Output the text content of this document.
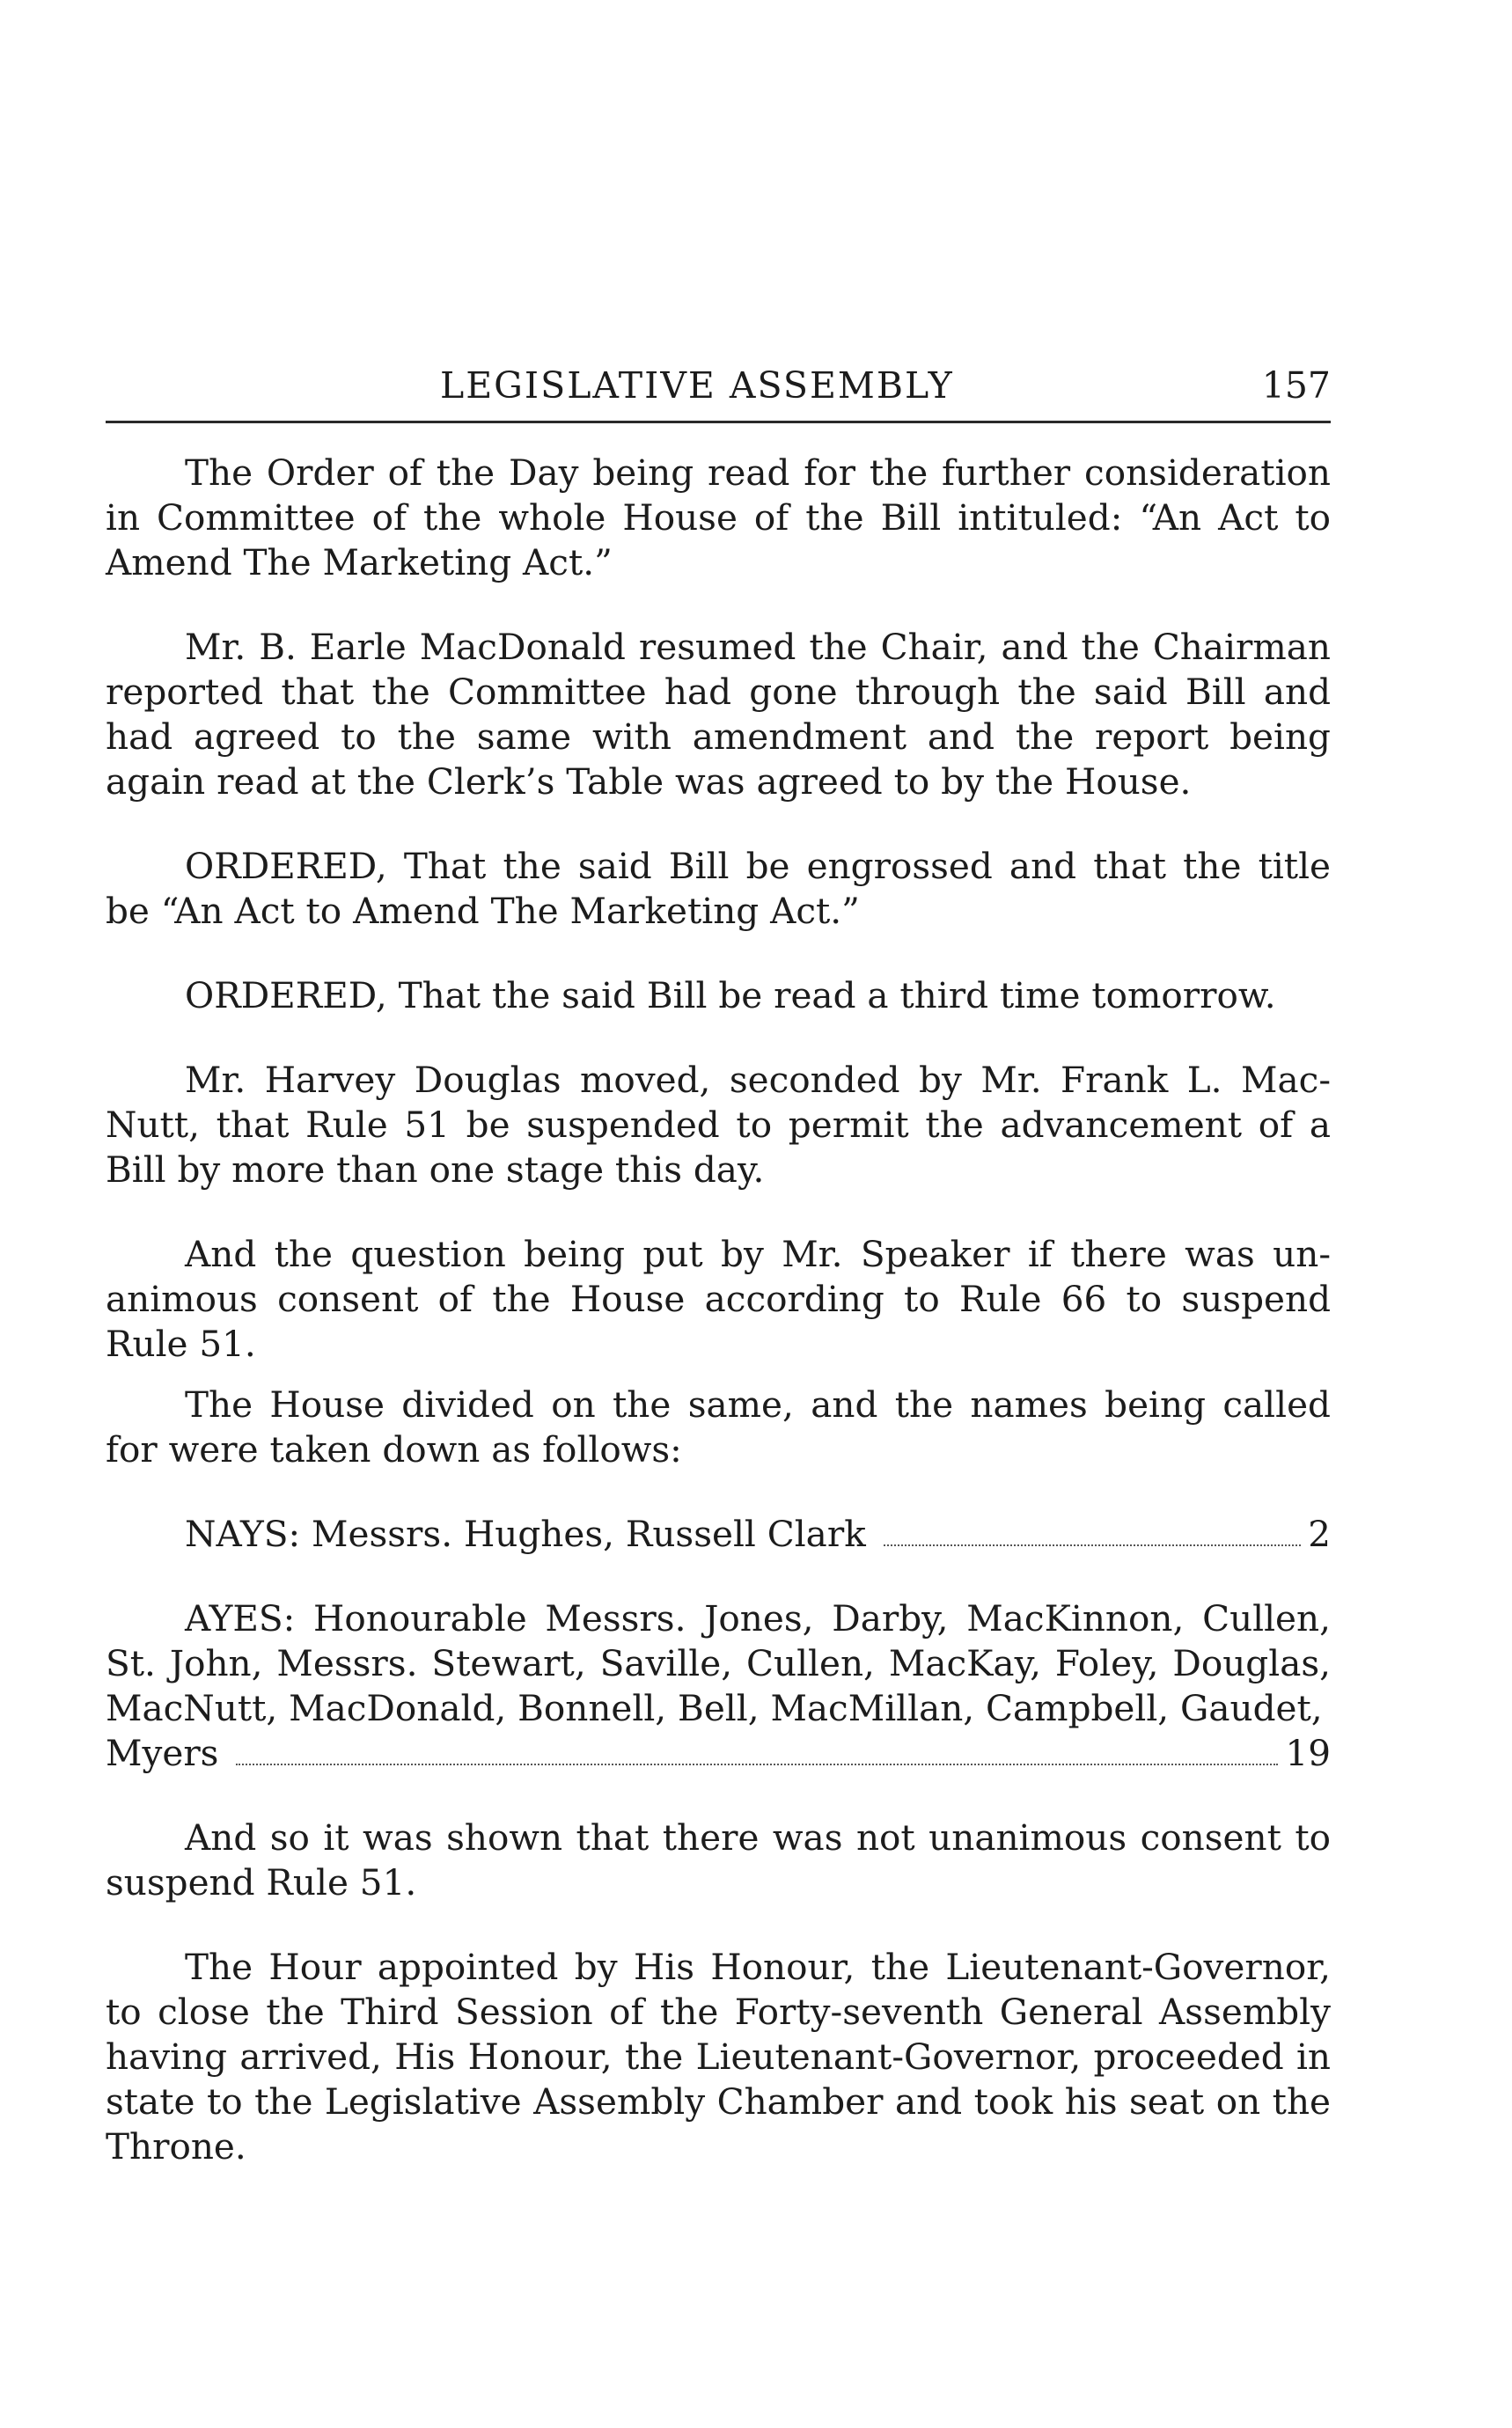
LEGISLATIVE ASSEMBLY	157

The Order of the Day being read for the further consideration in Committee of the whole House of the Bill intituled: “An Act to Amend The Marketing Act.”

Mr. B. Earle MacDonald resumed the Chair, and the Chairman reported that the Committee had gone through the said Bill and had agreed to the same with amendment and the report being again read at the Clerk’s Table was agreed to by the House.

ORDERED, That the said Bill be engrossed and that the title be “An Act to Amend The Marketing Act.”

ORDERED, That the said Bill be read a third time tomorrow.

Mr. Harvey Douglas moved, seconded by Mr. Frank L. MacNutt, that Rule 51 be suspended to permit the advancement of a Bill by more than one stage this day.

And the question being put by Mr. Speaker if there was unanimous consent of the House according to Rule 66 to suspend Rule 51.

The House divided on the same, and the names being called for were taken down as follows:

NAYS: Messrs. Hughes, Russell Clark	2
AYES: Honourable Messrs. Jones, Darby, MacKinnon, Cullen, St. John, Messrs. Stewart, Saville, Cullen, MacKay, Foley, Douglas, MacNutt, MacDonald, Bonnell, Bell, MacMillan, Campbell, Gaudet,
Myers	19

And so it was shown that there was not unanimous consent to suspend Rule 51.

The Hour appointed by His Honour, the Lieutenant-Governor, to close the Third Session of the Forty-seventh General Assembly having arrived, His Honour, the Lieutenant-Governor, proceeded in state to the Legislative Assembly Chamber and took his seat on the Throne.
